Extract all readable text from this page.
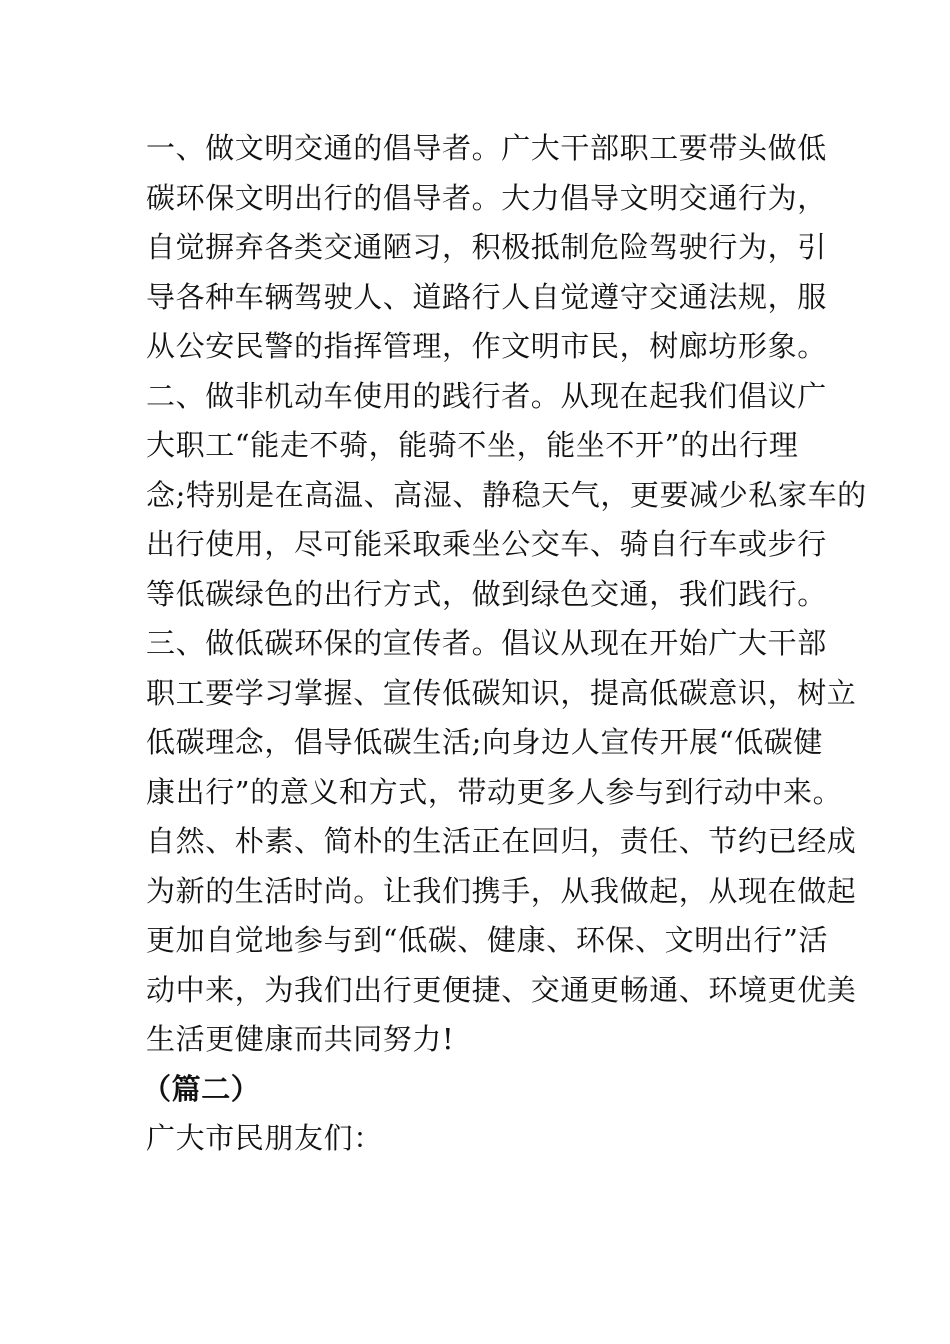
一、做文明交通的倡导者。广大干部职工要带头做低
碳环保文明出行的倡导者。大力倡导文明交通行为，
自觉摒弃各类交通陋习，积极抵制危险驾驶行为，引
导各种车辆驾驶人、道路行人自觉遵守交通法规，服
从公安民警的指挥管理，作文明市民，树廊坊形象。
二、做非机动车使用的践行者。从现在起我们倡议广
大职工“能走不骑，能骑不坐，能坐不开”的出行理
念;特别是在高温、高湿、静稳天气，更要减少私家车的
出行使用，尽可能采取乘坐公交车、骑自行车或步行
等低碳绿色的出行方式，做到绿色交通，我们践行。
三、做低碳环保的宣传者。倡议从现在开始广大干部
职工要学习掌握、宣传低碳知识，提高低碳意识，树立
低碳理念，倡导低碳生活;向身边人宣传开展“低碳健
康出行”的意义和方式，带动更多人参与到行动中来。
自然、朴素、简朴的生活正在回归，责任、节约已经成
为新的生活时尚。让我们携手，从我做起，从现在做起
更加自觉地参与到“低碳、健康、环保、文明出行”活
动中来，为我们出行更便捷、交通更畅通、环境更优美
生活更健康而共同努力!
（篇二）
广大市民朋友们：
